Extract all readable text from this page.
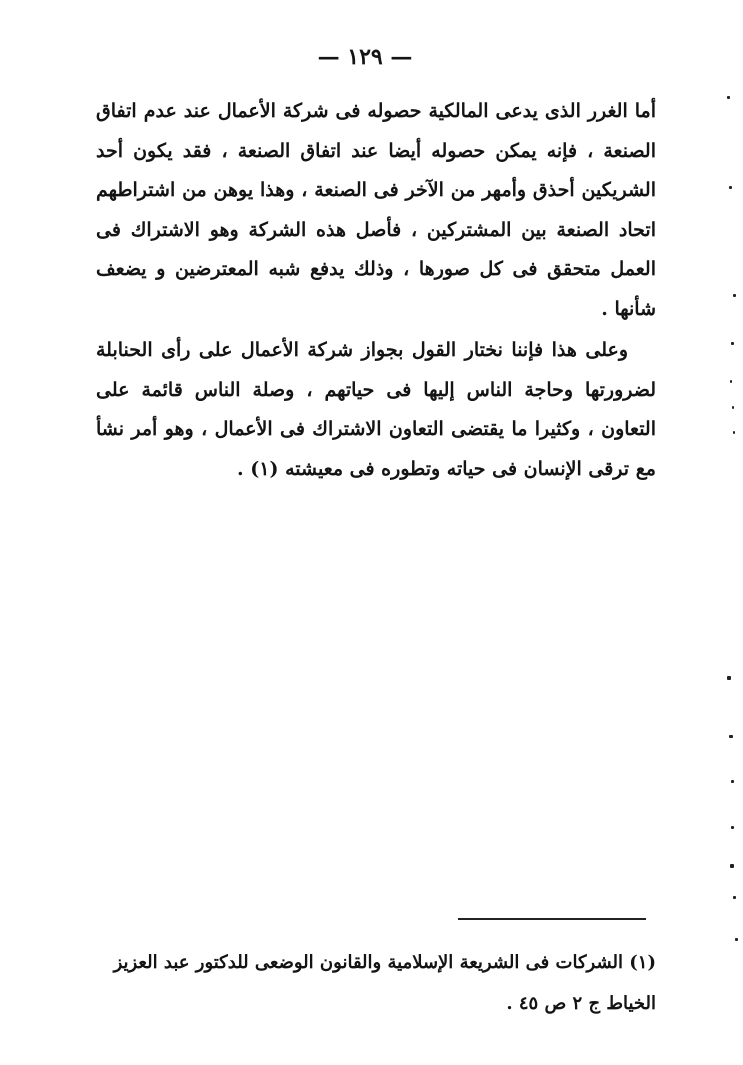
— ١٢٩ —

أما الغرر الذى يدعى المالكية حصوله فى شركة الأعمال عند عدم اتفاق الصنعة ، فإنه يمكن حصوله أيضا عند اتفاق الصنعة ، فقد يكون أحد الشريكين أحذق وأمهر من الآخر فى الصنعة ، وهذا يوهن من اشتراطهم اتحاد الصنعة بين المشتركين ، فأصل هذه الشركة وهو الاشتراك فى العمل متحقق فى كل صورها ، وذلك يدفع شبه المعترضين و يضعف شأنها .

وعلى هذا فإننا نختار القول بجواز شركة الأعمال على رأى الحنابلة لضرورتها وحاجة الناس إليها فى حياتهم ، وصلة الناس قائمة على التعاون ، وكثيرا ما يقتضى التعاون الاشتراك فى الأعمال ، وهو أمر نشأ مع ترقى الإنسان فى حياته وتطوره فى معيشته (١) .

(١) الشركات فى الشريعة الإسلامية والقانون الوضعى للدكتور عبد العزيز الخياط ج ٢ ص ٤٥ .
